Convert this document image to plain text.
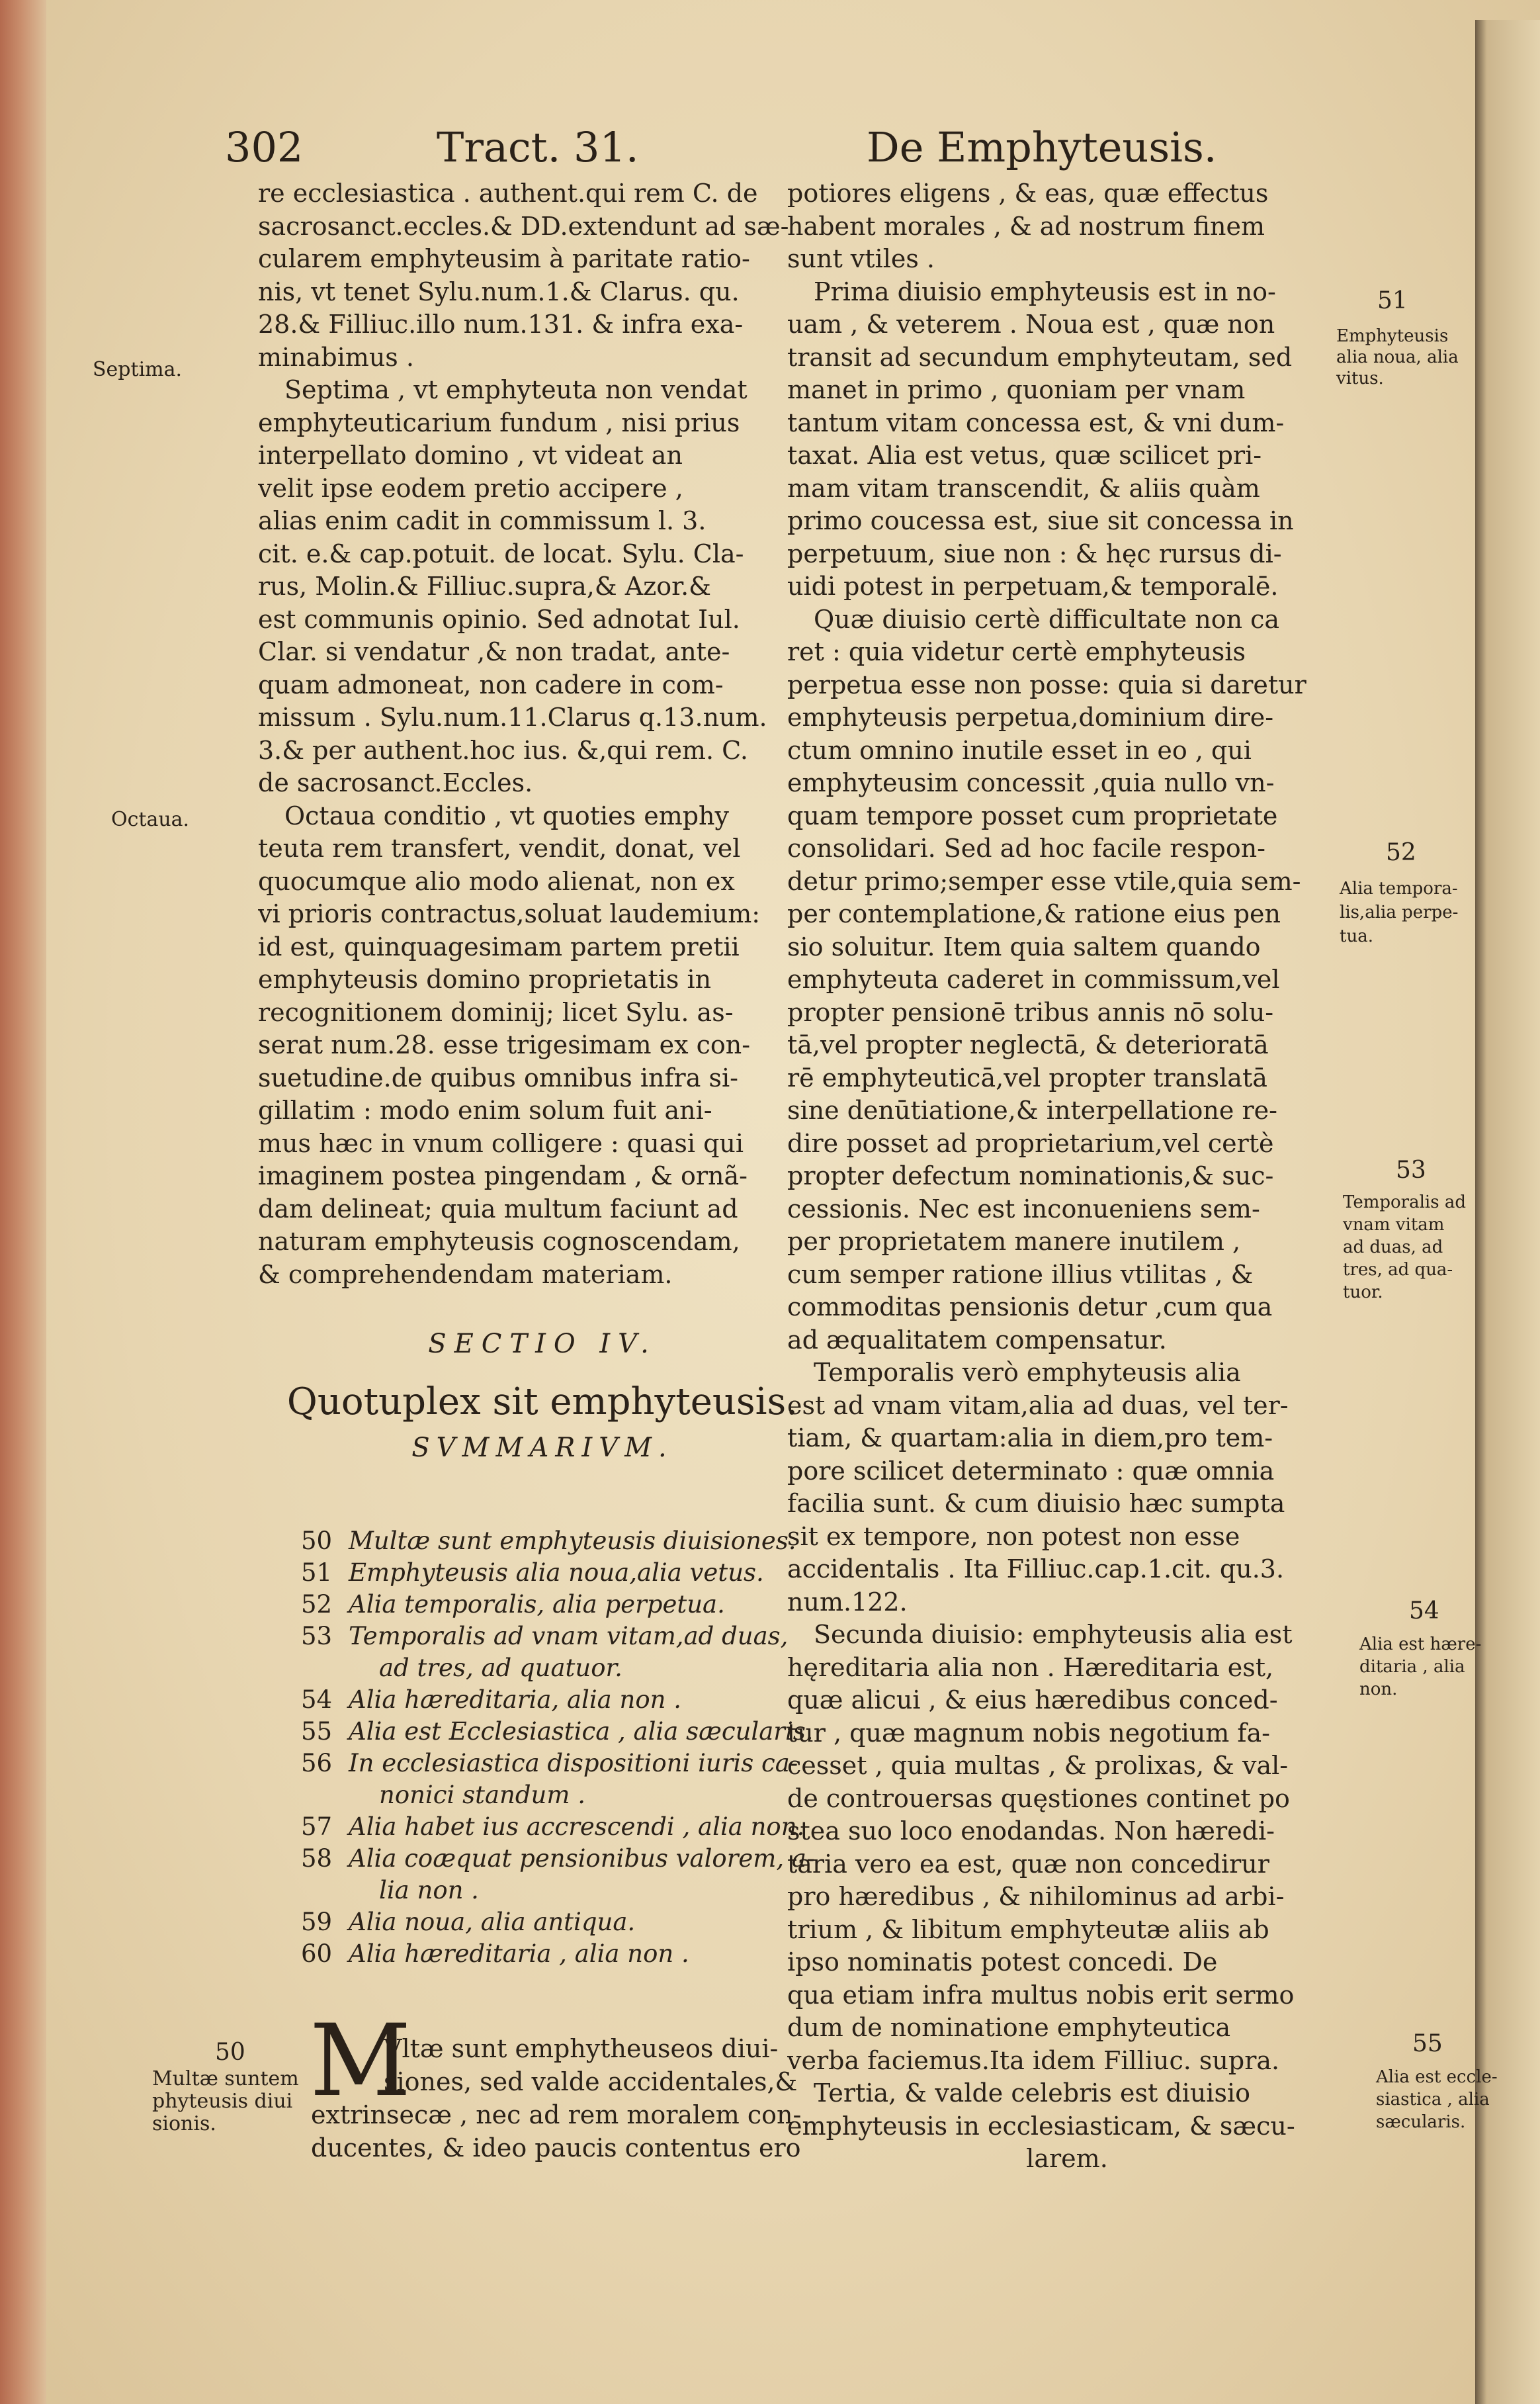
302	Tract. 31.	De Emphyteusis.
re ecclesiastica . authent.qui rem C. de
sacrosanct.eccles.& DD.extendunt ad sæ-
cularem emphyteusim à paritate ratio-
nis, vt tenet Sylu.num.1.& Clarus. qu.
28.& Filliuc.illo num.131. & infra exa-
minabimus .
Septima , vt emphyteuta non vendat
emphyteuticarium fundum , nisi prius
interpellato domino , vt videat an
velit ipse eodem pretio accipere ,
alias enim cadit in commissum l. 3.
cit. e.& cap.potuit. de locat. Sylu. Cla-
rus, Molin.& Filliuc.supra,& Azor.&
est communis opinio. Sed adnotat Iul.
Clar. si vendatur ,& non tradat, ante-
quam admoneat, non cadere in com-
missum . Sylu.num.11.Clarus q.13.num.
3.& per authent.hoc ius. &,qui rem. C.
de sacrosanct.Eccles.
Octaua conditio , vt quoties emphy
teuta rem transfert, vendit, donat, vel
quocumque alio modo alienat, non ex
vi prioris contractus,soluat laudemium:
id est, quinquagesimam partem pretii
emphyteusis domino proprietatis in
recognitionem dominij; licet Sylu. as-
serat num.28. esse trigesimam ex con-
suetudine.de quibus omnibus infra si-
gillatim : modo enim solum fuit ani-
mus hæc in vnum colligere : quasi qui
imaginem postea pingendam , & ornã-
dam delineat; quia multum faciunt ad
naturam emphyteusis cognoscendam,
& comprehendendam materiam.
SECTIO IV.
Quotuplex sit emphyteusis.
SVMMARIVM.
50 Multæ sunt emphyteusis diuisiones.
51 Emphyteusis alia noua,alia vetus.
52 Alia temporalis, alia perpetua.
53 Temporalis ad vnam vitam,ad duas,
ad tres, ad quatuor.
54 Alia hæreditaria, alia non .
55 Alia est Ecclesiastica , alia sæcularis.
56 In ecclesiastica dispositioni iuris ca-
nonici standum .
57 Alia habet ius accrescendi , alia non.
58 Alia coæquat pensionibus valorem, a-
lia non .
59 Alia noua, alia antiqua.
60 Alia hæreditaria , alia non .
M
Vltæ sunt emphytheuseos diui-
siones, sed valde accidentales,&
extrinsecæ , nec ad rem moralem con-
ducentes, & ideo paucis contentus ero
potiores eligens , & eas, quæ effectus
habent morales , & ad nostrum finem
sunt vtiles .
Prima diuisio emphyteusis est in no-
uam , & veterem . Noua est , quæ non
transit ad secundum emphyteutam, sed
manet in primo , quoniam per vnam
tantum vitam concessa est, & vni dum-
taxat. Alia est vetus, quæ scilicet pri-
mam vitam transcendit, & aliis quàm
primo coucessa est, siue sit concessa in
perpetuum, siue non : & hęc rursus di-
uidi potest in perpetuam,& temporalē.
Quæ diuisio certè difficultate non ca
ret : quia videtur certè emphyteusis
perpetua esse non posse: quia si daretur
emphyteusis perpetua,dominium dire-
ctum omnino inutile esset in eo , qui
emphyteusim concessit ,quia nullo vn-
quam tempore posset cum proprietate
consolidari. Sed ad hoc facile respon-
detur primo;semper esse vtile,quia sem-
per contemplatione,& ratione eius pen
sio soluitur. Item quia saltem quando
emphyteuta caderet in commissum,vel
propter pensionē tribus annis nō solu-
tā,vel propter neglectā, & deterioratā
rē emphyteuticā,vel propter translatā
sine denūtiatione,& interpellatione re-
dire posset ad proprietarium,vel certè
propter defectum nominationis,& suc-
cessionis. Nec est inconueniens sem-
per proprietatem manere inutilem ,
cum semper ratione illius vtilitas , &
commoditas pensionis detur ,cum qua
ad æqualitatem compensatur.
Temporalis verò emphyteusis alia
est ad vnam vitam,alia ad duas, vel ter-
tiam, & quartam:alia in diem,pro tem-
pore scilicet determinato : quæ omnia
facilia sunt. & cum diuisio hæc sumpta
sit ex tempore, non potest non esse
accidentalis . Ita Filliuc.cap.1.cit. qu.3.
num.122.
Secunda diuisio: emphyteusis alia est
hęreditaria alia non . Hæreditaria est,
quæ alicui , & eius hæredibus conced-
tur , quæ magnum nobis negotium fa-
cesset , quia multas , & prolixas, & val-
de controuersas quęstiones continet po
stea suo loco enodandas. Non hæredi-
taria vero ea est, quæ non concedirur
pro hæredibus , & nihilominus ad arbi-
trium , & libitum emphyteutæ aliis ab
ipso nominatis potest concedi. De
qua etiam infra multus nobis erit sermo
dum de nominatione emphyteutica
verba faciemus.Ita idem Filliuc. supra.
Tertia, & valde celebris est diuisio
emphyteusis in ecclesiasticam, & sæcu-
larem.
Septima.
Octaua.
50
Multæ suntem
phyteusis diui
sionis.
51
Emphyteusis
alia noua, alia
vitus.
52
Alia tempora-
lis,alia perpe-
tua.
53
Temporalis ad
vnam vitam
ad duas, ad
tres, ad qua-
tuor.
54
Alia est hære-
ditaria , alia
non.
55
Alia est eccle-
siastica , alia
sæcularis.
